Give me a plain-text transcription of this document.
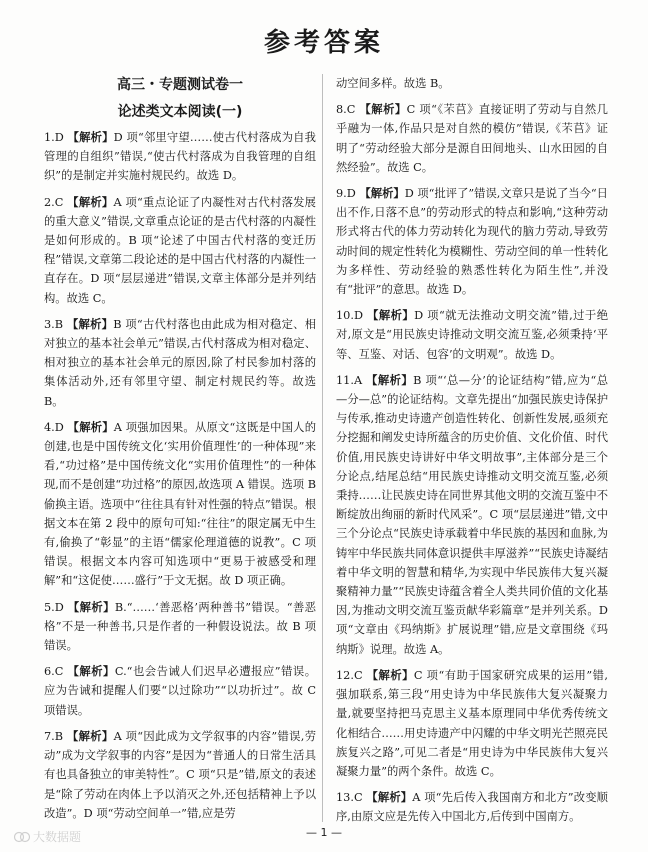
参考答案

高三・专题测试卷一

论述类文本阅读(一)

1.D 【解析】D 项“邻里守望……使古代村落成为自我管理的自组织”错误,“使古代村落成为自我管理的自组织”的是制定并实施村规民约。故选 D。

2.C 【解析】A 项“重点论证了内凝性对古代村落发展的重大意义”错误,文章重点论证的是古代村落的内凝性是如何形成的。B 项“论述了中国古代村落的变迁历程”错误,文章第二段论述的是中国古代村落的内凝性一直存在。D 项“层层递进”错误,文章主体部分是并列结构。故选 C。

3.B 【解析】B 项“古代村落也由此成为相对稳定、相对独立的基本社会单元”错误,古代村落成为相对稳定、相对独立的基本社会单元的原因,除了村民参加村落的集体活动外,还有邻里守望、制定村规民约等。故选 B。

4.D 【解析】A 项强加因果。从原文“这既是中国人的创建,也是中国传统文化‘实用价值理性’的一种体现”来看,“功过格”是中国传统文化“实用价值理性”的一种体现,而不是创建“功过格”的原因,故选项 A 错误。选项 B 偷换主语。选项中“往往具有针对性强的特点”错误。根据文本在第 2 段中的原句可知:“往往”的限定属无中生有,偷换了“彰显”的主语“儒家伦理道德的说教”。C 项错误。根据文本内容可知选项中“更易于被感受和理解”和“这促使……盛行”于文无据。故 D 项正确。

5.D 【解析】B.“……‘善恶格’两种善书”错误。“善恶格”不是一种善书,只是作者的一种假设说法。故 B 项错误。

6.C 【解析】C.“也会告诫人们迟早必遭报应”错误。应为告诫和提醒人们要“以过除功”“以功折过”。故 C 项错误。

7.B 【解析】A 项“因此成为文学叙事的内容”错误,劳动”成为文学叙事的内容”是因为“普通人的日常生活具有也具备独立的审美特性”。C 项“只是”错,原文的表述是“除了劳动在肉体上予以消灭之外,还包括精神上予以改造”。D 项“劳动空间单一”错,应是劳

动空间多样。故选 B。

8.C 【解析】C 项“《芣苢》直接证明了劳动与自然几乎融为一体,作品只是对自然的模仿”错误,《芣苢》证明了“劳动经验大部分是源自田间地头、山水田园的自然经验”。故选 C。

9.D 【解析】D 项“批评了”错误,文章只是说了当今“日出不作,日落不息”的劳动形式的特点和影响,“这种劳动形式将古代的体力劳动转化为现代的脑力劳动,导致劳动时间的规定性转化为模糊性、劳动空间的单一性转化为多样性、劳动经验的熟悉性转化为陌生性”,并没有“批评”的意思。故选 D。

10.D 【解析】D 项“就无法推动文明交流”错,过于绝对,原文是“用民族史诗推动文明交流互鉴,必须秉持‘平等、互鉴、对话、包容’的文明观”。故选 D。

11.A 【解析】B 项“‘总—分’的论证结构”错,应为“总—分—总”的论证结构。文章先提出“加强民族史诗保护与传承,推动史诗遗产创造性转化、创新性发展,亟须充分挖掘和阐发史诗所蕴含的历史价值、文化价值、时代价值,用民族史诗讲好中华文明故事”,主体部分是三个分论点,结尾总结“用民族史诗推动文明交流互鉴,必须秉持……让民族史诗在同世界其他文明的交流互鉴中不断绽放出绚丽的新时代风采”。C 项“层层递进”错,文中三个分论点“民族史诗承载着中华民族的基因和血脉,为铸牢中华民族共同体意识提供丰厚滋养”“民族史诗凝结着中华文明的智慧和精华,为实现中华民族伟大复兴凝聚精神力量”“民族史诗蕴含着全人类共同价值的文化基因,为推动文明交流互鉴贡献华彩篇章”是并列关系。D 项“文章由《玛纳斯》扩展说理”错,应是文章围绕《玛纳斯》说理。故选 A。

12.C 【解析】C 项“有助于国家研究成果的运用”错,强加联系,第三段“用史诗为中华民族伟大复兴凝聚力量,就要坚持把马克思主义基本原理同中华优秀传统文化相结合……用史诗遗产中闪耀的中华文明光芒照亮民族复兴之路”,可见二者是“用史诗为中华民族伟大复兴凝聚力量”的两个条件。故选 C。

13.C 【解析】A 项“先后传入我国南方和北方”改变顺序,由原文应是先传入中国北方,后传到中国南方。

— 1 —
大数据题
